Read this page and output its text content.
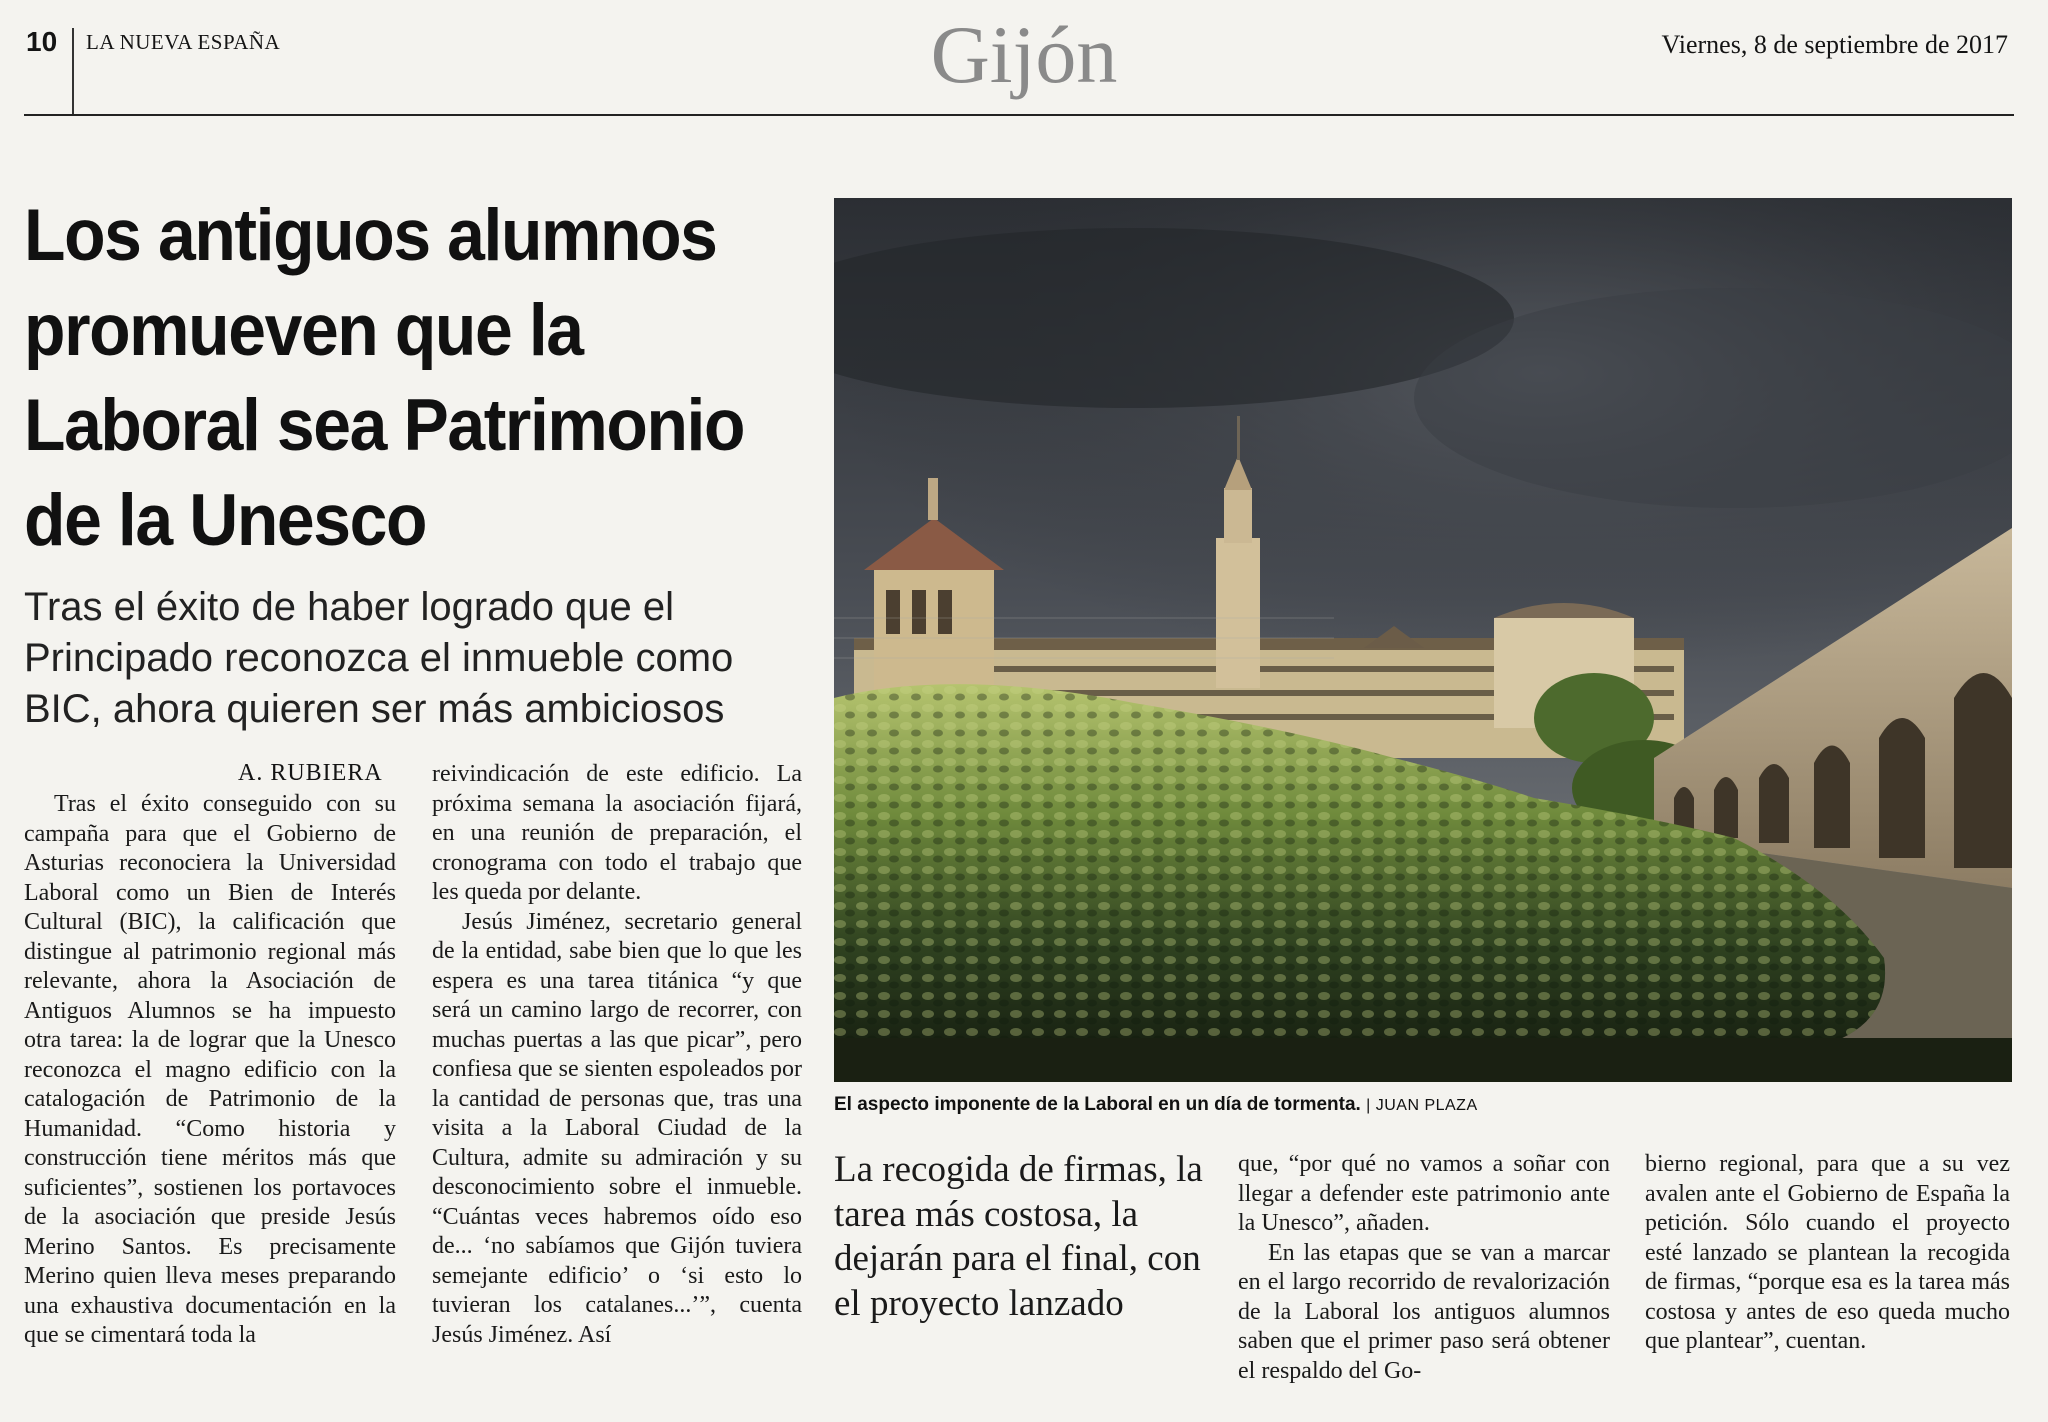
10 LA NUEVA ESPAÑA	Gijón	Viernes, 8 de septiembre de 2017
Los antiguos alumnos promueven que la Laboral sea Patrimonio de la Unesco
Tras el éxito de haber logrado que el Principado reconozca el inmueble como BIC, ahora quieren ser más ambiciosos
A. RUBIERA

Tras el éxito conseguido con su campaña para que el Gobierno de Asturias reconociera la Universidad Laboral como un Bien de Interés Cultural (BIC), la calificación que distingue al patrimonio regional más relevante, ahora la Asociación de Antiguos Alumnos se ha impuesto otra tarea: la de lograr que la Unesco reconozca el magno edificio con la catalogación de Patrimonio de la Humanidad. “Como historia y construcción tiene méritos más que suficientes”, sostienen los portavoces de la asociación que preside Jesús Merino Santos. Es precisamente Merino quien lleva meses preparando una exhaustiva documentación en la que se cimentará toda la

reivindicación de este edificio. La próxima semana la asociación fijará, en una reunión de preparación, el cronograma con todo el trabajo que les queda por delante.

Jesús Jiménez, secretario general de la entidad, sabe bien que lo que les espera es una tarea titánica “y que será un camino largo de recorrer, con muchas puertas a las que picar”, pero confiesa que se sienten espoleados por la cantidad de personas que, tras una visita a la Laboral Ciudad de la Cultura, admite su admiración y su desconocimiento sobre el inmueble. “Cuántas veces habremos oído eso de... ‘no sabíamos que Gijón tuviera semejante edificio’ o ‘si esto lo tuvieran los catalanes...’”, cuenta Jesús Jiménez. Así

El aspecto imponente de la Laboral en un día de tormenta. | JUAN PLAZA
La recogida de firmas, la tarea más costosa, la dejarán para el final, con el proyecto lanzado

que, “por qué no vamos a soñar con llegar a defender este patrimonio ante la Unesco”, añaden.

En las etapas que se van a marcar en el largo recorrido de revalorización de la Laboral los antiguos alumnos saben que el primer paso será obtener el respaldo del Go-

bierno regional, para que a su vez avalen ante el Gobierno de España la petición. Sólo cuando el proyecto esté lanzado se plantean la recogida de firmas, “porque esa es la tarea más costosa y antes de eso queda mucho que plantear”, cuentan.
